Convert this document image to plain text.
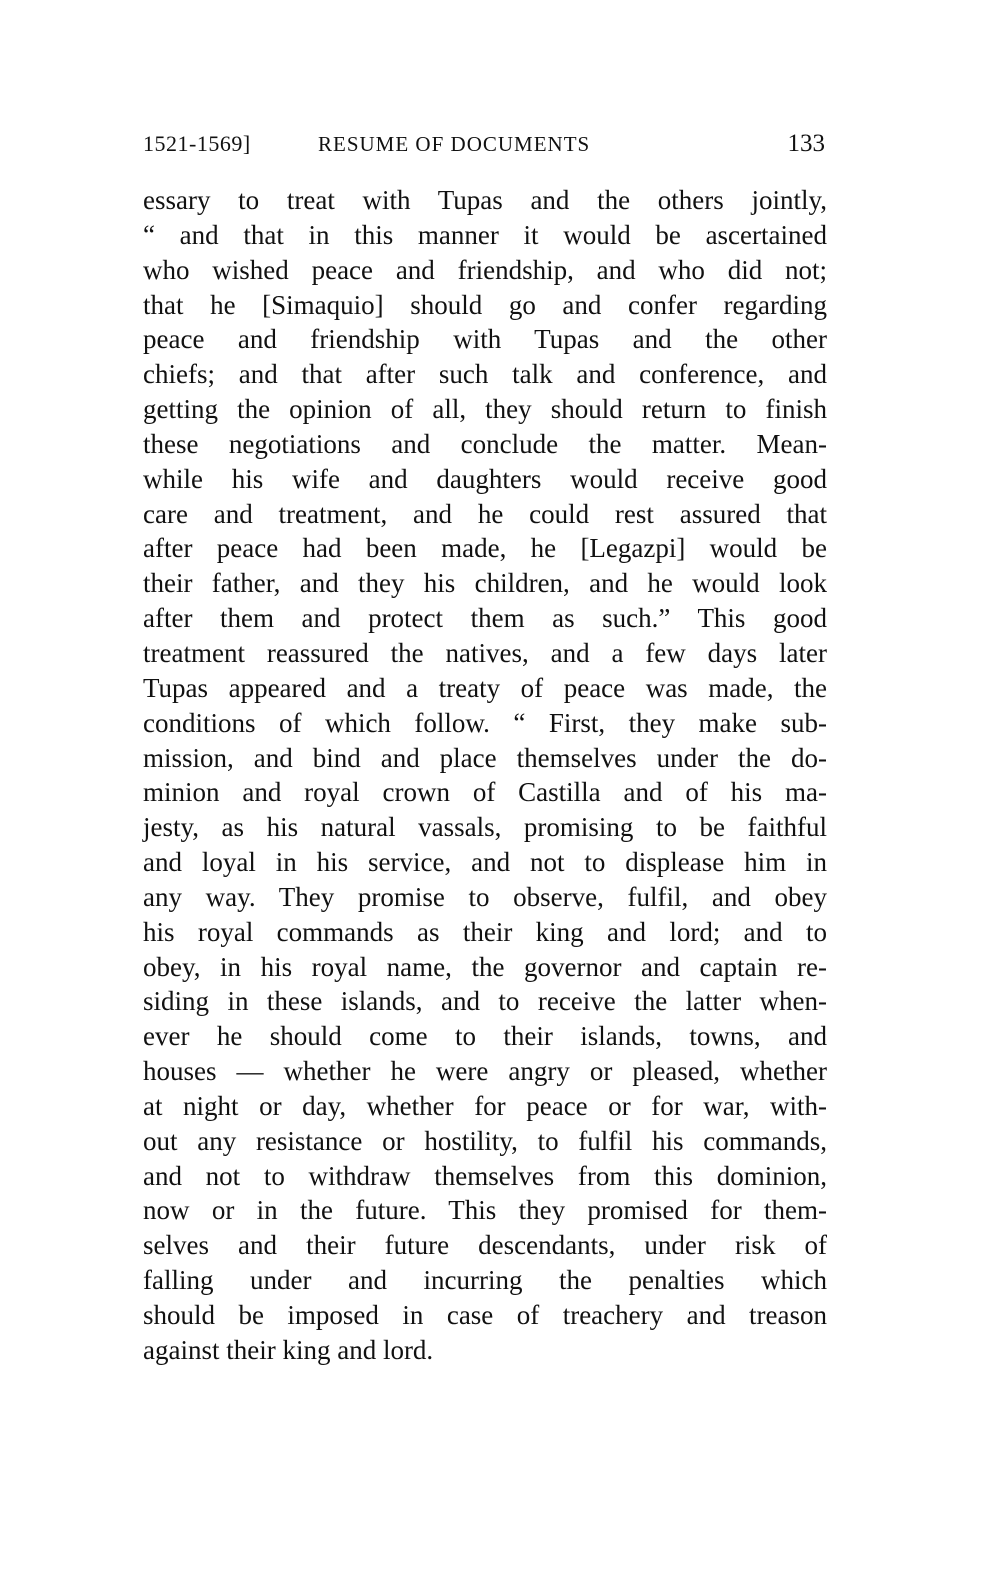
1521-1569]	RESUME OF DOCUMENTS	133
essary to treat with Tupas and the others jointly,
“ and that in this manner it would be ascertained
who wished peace and friendship, and who did not;
that he [Simaquio] should go and confer regarding
peace and friendship with Tupas and the other
chiefs; and that after such talk and conference, and
getting the opinion of all, they should return to finish
these negotiations and conclude the matter. Mean-
while his wife and daughters would receive good
care and treatment, and he could rest assured that
after peace had been made, he [Legazpi] would be
their father, and they his children, and he would look
after them and protect them as such.” This good
treatment reassured the natives, and a few days later
Tupas appeared and a treaty of peace was made, the
conditions of which follow. “ First, they make sub-
mission, and bind and place themselves under the do-
minion and royal crown of Castilla and of his ma-
jesty, as his natural vassals, promising to be faithful
and loyal in his service, and not to displease him in
any way. They promise to observe, fulfil, and obey
his royal commands as their king and lord; and to
obey, in his royal name, the governor and captain re-
siding in these islands, and to receive the latter when-
ever he should come to their islands, towns, and
houses — whether he were angry or pleased, whether
at night or day, whether for peace or for war, with-
out any resistance or hostility, to fulfil his commands,
and not to withdraw themselves from this dominion,
now or in the future. This they promised for them-
selves and their future descendants, under risk of
falling under and incurring the penalties which
should be imposed in case of treachery and treason
against their king and lord.
